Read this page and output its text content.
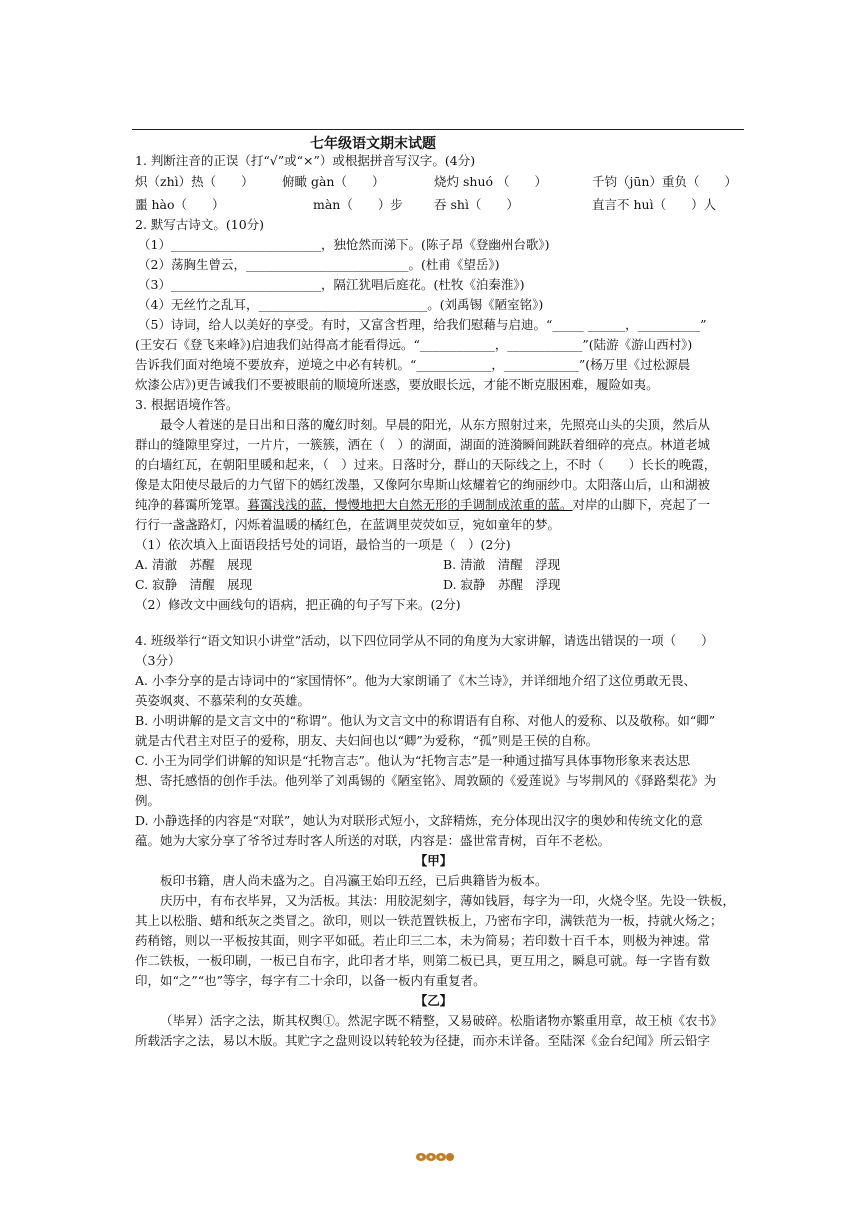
七年级语文期末试题
1. 判断注音的正误（打“√”或“×”）或根据拼音写汉字。(4分)
炽（zhì）热（　　） 俯瞰 gàn（　　）	烧灼 shuó （　　）	千钧（jūn）重负（　　）
噩 hào（　　）	màn（　　）步 吞 shì（　　）	直言不 huì（　　）人
2. 默写古诗文。(10分)
（1）________________________，独怆然而涕下。(陈子昂《登幽州台歌》)
（2）荡胸生曾云，__________________________。(杜甫《望岳》)
（3）________________________，隔江犹唱后庭花。(杜牧《泊秦淮》)
（4）无丝竹之乱耳，___________________________。(刘禹锡《陋室铭》)
（5）诗词，给人以美好的享受。有时，又富含哲理，给我们慰藉与启迪。“_____ ______，__________”
(王安石《登飞来峰》)启迪我们站得高才能看得远。“____________，____________”(陆游《游山西村》)
告诉我们面对绝境不要放弃，逆境之中必有转机。“____________，____________”(杨万里《过松源晨
炊漆公店》)更告诫我们不要被眼前的顺境所迷惑，要放眼长远，才能不断克服困难，履险如夷。
3. 根据语境作答。
最令人着迷的是日出和日落的魔幻时刻。早晨的阳光，从东方照射过来，先照亮山头的尖顶，然后从
群山的缝隙里穿过，一片片，一簇簇，洒在（　）的湖面，湖面的涟漪瞬间跳跃着细碎的亮点。林道老城
的白墙红瓦，在朝阳里暖和起来，（　）过来。日落时分，群山的天际线之上，不时（　　）长长的晚霞，
像是太阳使尽最后的力气留下的嫣红泼墨，又像阿尔卑斯山炫耀着它的绚丽纱巾。太阳落山后，山和湖被
纯净的暮霭所笼罩。暮霭浅浅的蓝，慢慢地把大自然无形的手调制成浓重的蓝。对岸的山脚下，亮起了一
行行一盏盏路灯，闪烁着温暖的橘红色，在蓝调里荧荧如豆，宛如童年的梦。
（1）依次填入上面语段括号处的词语，最恰当的一项是（　）(2分)
A. 清澈　苏醒　展现	B. 清澈　清醒　浮现
C. 寂静　清醒　展现	D. 寂静　苏醒　浮现
（2）修改文中画线句的语病，把正确的句子写下来。(2分)
4. 班级举行“语文知识小讲堂”活动，以下四位同学从不同的角度为大家讲解，请选出错误的一项（　　）
（3分）
A. 小李分享的是古诗词中的“家国情怀”。他为大家朗诵了《木兰诗》，并详细地介绍了这位勇敢无畏、
英姿飒爽、不慕荣利的女英雄。
B. 小明讲解的是文言文中的“称谓”。他认为文言文中的称谓语有自称、对他人的爱称、以及敬称。如“卿”
就是古代君主对臣子的爱称，朋友、夫妇间也以“卿”为爱称，“孤”则是王侯的自称。
C. 小王为同学们讲解的知识是“托物言志”。他认为“托物言志”是一种通过描写具体事物形象来表达思
想、寄托感悟的创作手法。他列举了刘禹锡的《陋室铭》、周敦颐的《爱莲说》与岑荆风的《驿路梨花》为
例。
D. 小静选择的内容是“对联”，她认为对联形式短小，文辞精炼，充分体现出汉字的奥妙和传统文化的意
蕴。她为大家分享了爷爷过寿时客人所送的对联，内容是：盛世常青树，百年不老松。
【甲】
板印书籍，唐人尚未盛为之。自冯瀛王始印五经，已后典籍皆为板本。
庆历中，有布衣毕昇，又为活板。其法：用胶泥刻字，薄如钱唇，每字为一印，火烧令坚。先设一铁板，
其上以松脂、蜡和纸灰之类冒之。欲印，则以一铁范置铁板上，乃密布字印，满铁范为一板，持就火炀之；
药稍镕，则以一平板按其面，则字平如砥。若止印三二本，未为简易；若印数十百千本，则极为神速。常
作二铁板，一板印刷，一板已自布字，此印者才毕，则第二板已具，更互用之，瞬息可就。每一字皆有数
印，如“之”“也”等字，每字有二十余印，以备一板内有重复者。
【乙】
（毕昇）活字之法，斯其权舆①。然泥字既不精整，又易破碎。松脂诸物亦繁重用章，故王桢《农书》
所载活字之法，易以木版。其贮字之盘则设以转轮较为径捷，而亦未详备。至陆深《金台纪闻》所云铅字
